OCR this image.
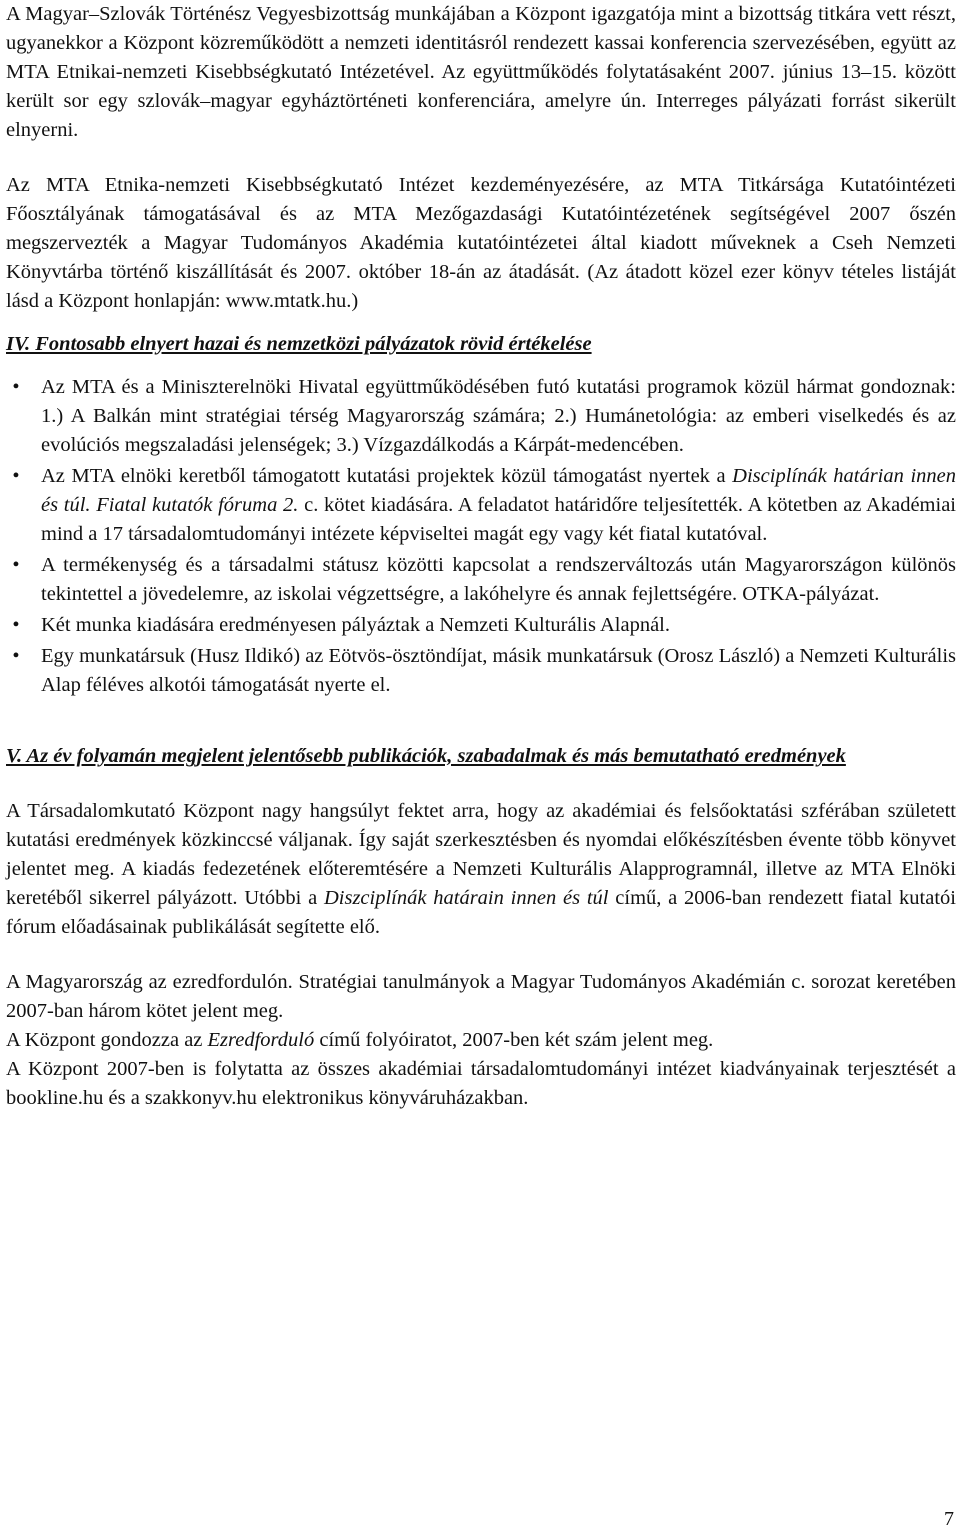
A Magyar–Szlovák Történész Vegyesbizottság munkájában a Központ igazgatója mint a bizottság titkára vett részt, ugyanekkor a Központ közreműködött a nemzeti identitásról rendezett kassai konferencia szervezésében, együtt az MTA Etnikai-nemzeti Kisebbségkutató Intézetével. Az együttműködés folytatásaként 2007. június 13–15. között került sor egy szlovák–magyar egyháztörténeti konferenciára, amelyre ún. Interreges pályázati forrást sikerült elnyerni.

Az MTA Etnika-nemzeti Kisebbségkutató Intézet kezdeményezésére, az MTA Titkársága Kutatóintézeti Főosztályának támogatásával és az MTA Mezőgazdasági Kutatóintézetének segítségével 2007 őszén megszervezték a Magyar Tudományos Akadémia kutatóintézetei által kiadott műveknek a Cseh Nemzeti Könyvtárba történő kiszállítását és 2007. október 18-án az átadását. (Az átadott közel ezer könyv tételes listáját lásd a Központ honlapján: www.mtatk.hu.)

IV. Fontosabb elnyert hazai és nemzetközi pályázatok rövid értékelése

•	Az MTA és a Miniszterelnöki Hivatal együttműködésében futó kutatási programok közül hármat gondoznak: 1.) A Balkán mint stratégiai térség Magyarország számára; 2.) Humánetológia: az emberi viselkedés és az evolúciós megszaladási jelenségek; 3.) Vízgazdálkodás a Kárpát-medencében.
•	Az MTA elnöki keretből támogatott kutatási projektek közül támogatást nyertek a Disciplínák határian innen és túl. Fiatal kutatók fóruma 2. c. kötet kiadására. A feladatot határidőre teljesítették. A kötetben az Akadémiai mind a 17 társadalomtudományi intézete képviseltei magát egy vagy két fiatal kutatóval.
•	A termékenység és a társadalmi státusz közötti kapcsolat a rendszerváltozás után Magyarországon különös tekintettel a jövedelemre, az iskolai végzettségre, a lakóhelyre és annak fejlettségére. OTKA-pályázat.
•	Két munka kiadására eredményesen pályáztak a Nemzeti Kulturális Alapnál.
•	Egy munkatársuk (Husz Ildikó) az Eötvös-ösztöndíjat, másik munkatársuk (Orosz László) a Nemzeti Kulturális Alap féléves alkotói támogatását nyerte el.

V. Az év folyamán megjelent jelentősebb publikációk, szabadalmak és más bemutatható eredmények

A Társadalomkutató Központ nagy hangsúlyt fektet arra, hogy az akadémiai és felsőoktatási szférában született kutatási eredmények közkinccsé váljanak. Így saját szerkesztésben és nyomdai előkészítésben évente több könyvet jelentet meg. A kiadás fedezetének előteremtésére a Nemzeti Kulturális Alapprogramnál, illetve az MTA Elnöki keretéből sikerrel pályázott. Utóbbi a Diszciplínák határain innen és túl című, a 2006-ban rendezett fiatal kutatói fórum előadásainak publikálását segítette elő.

A Magyarország az ezredfordulón. Stratégiai tanulmányok a Magyar Tudományos Akadémián c. sorozat keretében 2007-ban három kötet jelent meg.

A Központ gondozza az Ezredforduló című folyóiratot, 2007-ben két szám jelent meg.

A Központ 2007-ben is folytatta az összes akadémiai társadalomtudományi intézet kiadványainak terjesztését a bookline.hu és a szakkonyv.hu elektronikus könyváruházakban.

7
